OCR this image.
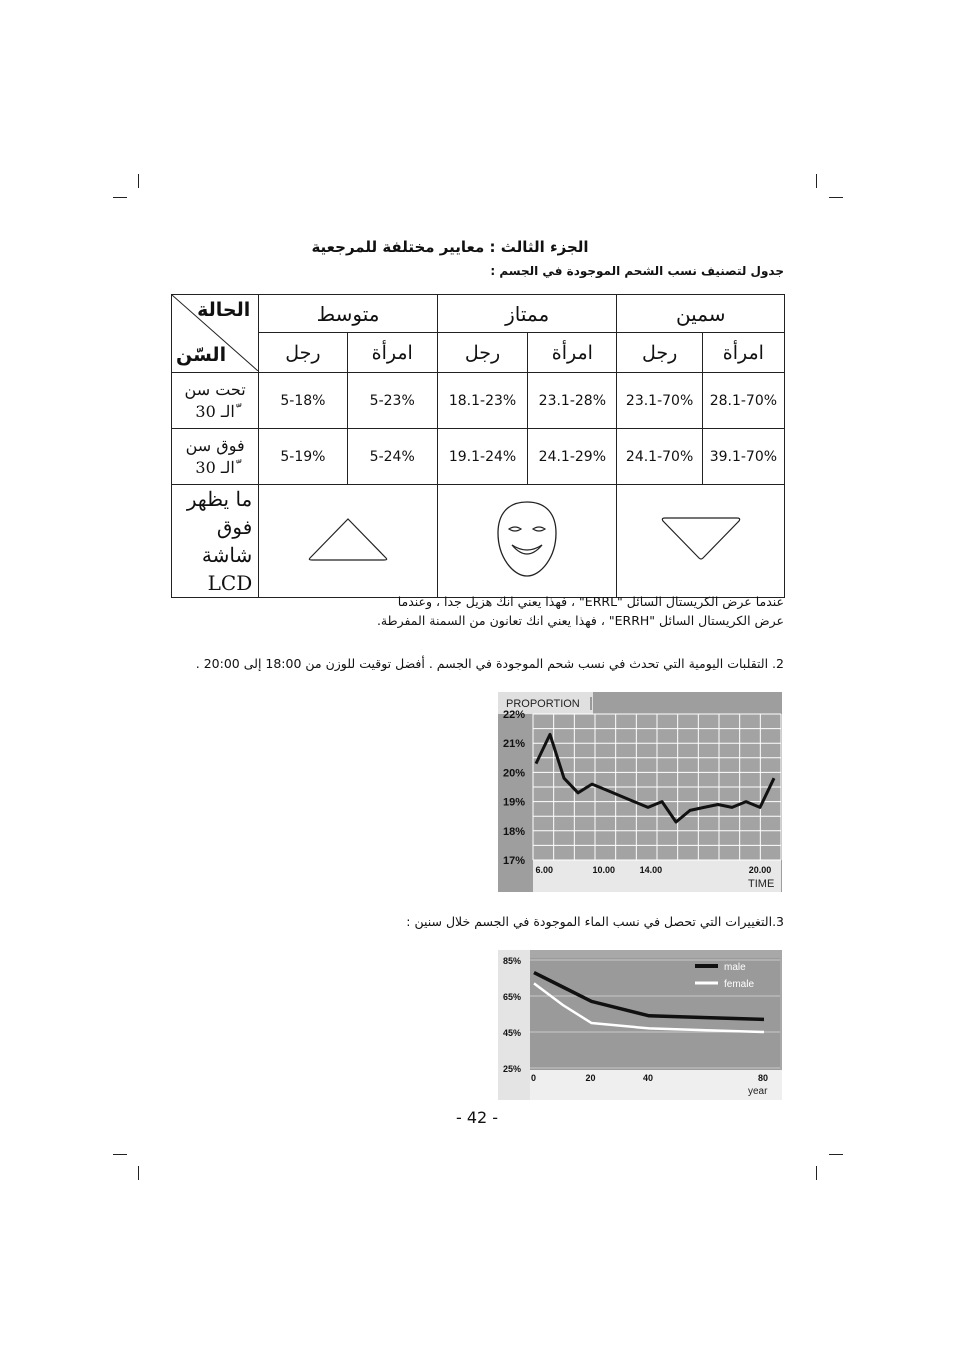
الجزء الثالث : معايير مختلفة للمرجعية
جدول لتصنيف نسب الشحم الموجودة في الجسم :
الحالة
السّن	متوسط		ممتاز		سمين	
	رجل	امرأة	رجل	امرأة	رجل	امرأة
تحت سن ّالـ 30	5-18%	5-23%	18.1-23%	23.1-28%	23.1-70%	28.1-70%
فوق سن ّالـ 30	5-19%	5-24%	19.1-24%	24.1-29%	24.1-70%	39.1-70%

ما يظهر
فوق شاشة
LCD

عندما عرض الكريستال السائل "ERRL" ، فهذا يعني انك هزيل جدا ، وعندما
عرض الكريستال السائل "ERRH" ، فهذا يعني انك تعانون من السمنة المفرطة.
2. التقلبات اليومية التي تحدث في نسب شحم الموجودة في الجسم . أفضل توقيت للوزن من 18:00 إلى 20:00 .
PROPORTION
22%
21%
20%
19%
18%
17%
6.00	10.00	14.00	20.00
TIME
3.التغييرات التي تحصل في نسب الماء الموجودة في الجسم خلال سنين :
85%
65%
45%
25%
0	20	40	80
year
male
female
- 42 -
